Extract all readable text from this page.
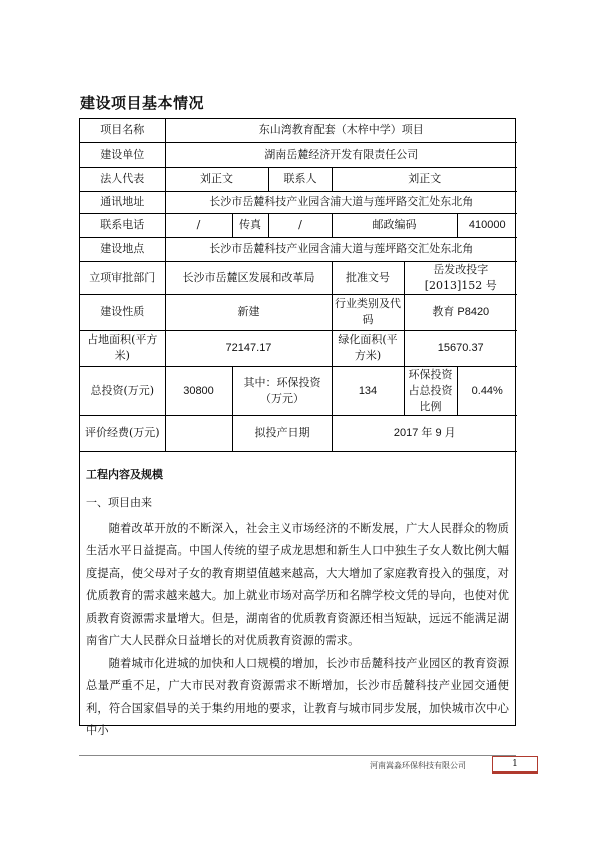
建设项目基本情况
项目名称	东山湾教育配套（木梓中学）项目					
建设单位	湖南岳麓经济开发有限责任公司					
法人代表	刘正文		联系人	刘正文		
通讯地址	长沙市岳麓科技产业园含浦大道与莲坪路交汇处东北角					
联系电话	/	传真	/	邮政编码		410000
建设地点	长沙市岳麓科技产业园含浦大道与莲坪路交汇处东北角					
立项审批部门	长沙市岳麓区发展和改革局			批准文号	岳发改投字[2013]152 号	
建设性质	新建			行业类别及代码	教育 P8420	
占地面积(平方米)	72147.17			绿化面积(平方米)	15670.37	
总投资(万元)	30800	其中：环保投资（万元）		134	环保投资占总投资比例	0.44%
评价经费(万元)		拟投产日期		2017 年 9 月		
工程内容及规模
一、项目由来

随着改革开放的不断深入，社会主义市场经济的不断发展，广大人民群众的物质生活水平日益提高。中国人传统的望子成龙思想和新生人口中独生子女人数比例大幅度提高，使父母对子女的教育期望值越来越高，大大增加了家庭教育投入的强度，对优质教育的需求越来越大。加上就业市场对高学历和名牌学校文凭的导向，也使对优质教育资源需求量增大。但是，湖南省的优质教育资源还相当短缺，远远不能满足湖南省广大人民群众日益增长的对优质教育资源的需求。

随着城市化进城的加快和人口规模的增加，长沙市岳麓科技产业园区的教育资源总量严重不足，广大市民对教育资源需求不断增加，长沙市岳麓科技产业园交通便利，符合国家倡导的关于集约用地的要求，让教育与城市同步发展，加快城市次中心中小

河南嵩淼环保科技有限公司	1
